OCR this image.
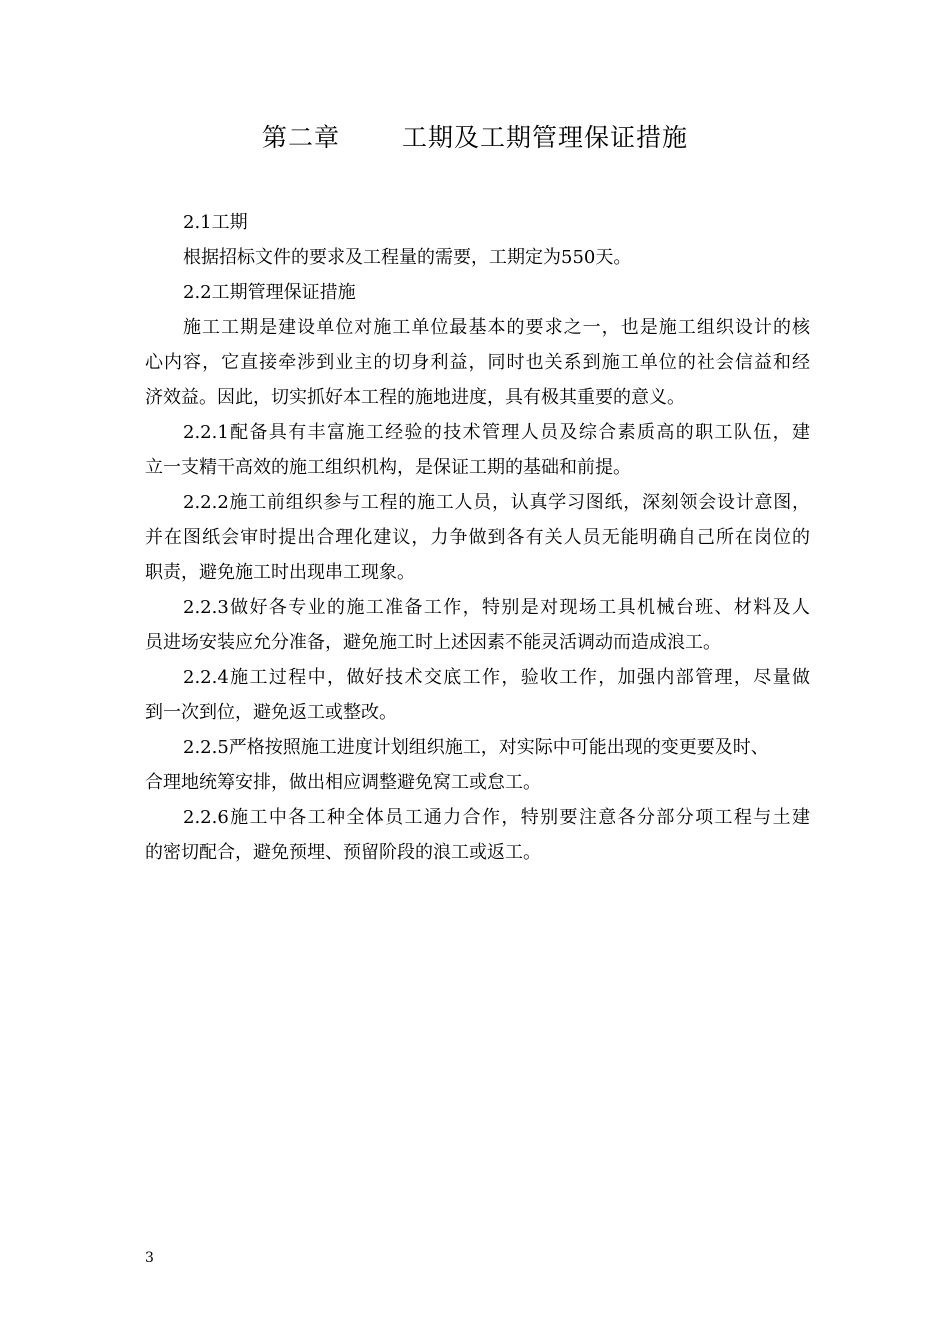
第二章 工期及工期管理保证措施
2.1工期
根据招标文件的要求及工程量的需要，工期定为550天。
2.2工期管理保证措施
施工工期是建设单位对施工单位最基本的要求之一，也是施工组织设计的核
心内容，它直接牵涉到业主的切身利益，同时也关系到施工单位的社会信益和经
济效益。因此，切实抓好本工程的施地进度，具有极其重要的意义。
2.2.1配备具有丰富施工经验的技术管理人员及综合素质高的职工队伍，建
立一支精干高效的施工组织机构，是保证工期的基础和前提。
2.2.2施工前组织参与工程的施工人员，认真学习图纸，深刻领会设计意图，
并在图纸会审时提出合理化建议，力争做到各有关人员无能明确自己所在岗位的
职责，避免施工时出现串工现象。
2.2.3做好各专业的施工准备工作，特别是对现场工具机械台班、材料及人
员进场安装应允分准备，避免施工时上述因素不能灵活调动而造成浪工。
2.2.4施工过程中，做好技术交底工作，验收工作，加强内部管理，尽量做
到一次到位，避免返工或整改。
2.2.5严格按照施工进度计划组织施工，对实际中可能出现的变更要及时、
合理地统筹安排，做出相应调整避免窝工或怠工。
2.2.6施工中各工种全体员工通力合作，特别要注意各分部分项工程与土建
的密切配合，避免预埋、预留阶段的浪工或返工。
3
